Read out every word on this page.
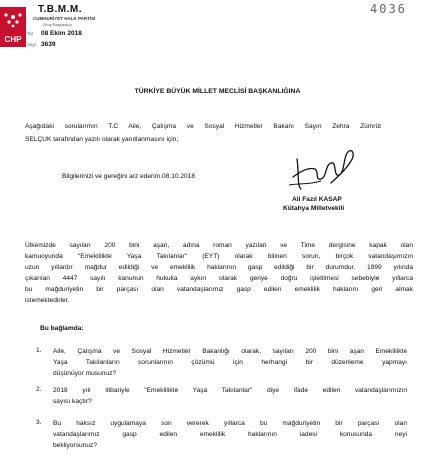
CHP
T.B.M.M.
CUMHURİYET HALK PARTİSİ
Grup Başkanlığı
4036
Tar.	08 Ekim 2018
Sayı 3639
TÜRKİYE BÜYÜK MİLLET MECLİSİ BAŞKANLIĞINA
Aşağıdaki sorularımın T.C Aile, Çalışma ve Sosyal Hizmetler Bakanı Sayın Zehra Zümrüt
SELÇUK tarafından yazılı olarak yanıtlanmasını için;
Bilgilerinizi ve gereğini arz ederim.08.10.2018
Ali Fazıl KASAP
Kütahya Milletvekili
Ülkemizde sayıları 200 bini aşan, adına roman yazılan ve Time dergisine kapak olan
kamuoyunda "Emeklilikte Yaşa Takılanlar" (EYT) olarak bilinen sorun, birçok vatandaşımızın
uzun yıllardır mağdur edildiği ve emeklilik haklarının gasp edildiği bir durumdur. 1999 yılında
çıkarılan 4447 sayılı kanunun hukuka aykırı olarak geriye doğru işletilmesi sebebiyle yıllarca
bu mağduriyetin bir parçası olan vatandaşlarımız gasp edilen emeklilik haklarını geri almak
istemektedirler.
Bu bağlamda:
1. Aile, Çalışma ve Sosyal Hizmetler Bakanlığı olarak, sayıları 200 bini aşan Emeklilikte
Yaşa Takılanların sorunlarının çözümü için herhangi bir düzenleme yapmayı
düşünüyor musunuz?
2. 2018 yılı itibariyle "Emeklilikte Yaşa Takılanlar" diye ifade edilen vatandaşlarımızın
sayısı kaçtır?
3. Bu haksız uygulamaya son vererek yıllarca bu mağduriyetin bir parçası olan
vatandaşlarımız gasp edilen emeklilik haklarının iadesi konusunda neyi
bekliyorsunuz?
